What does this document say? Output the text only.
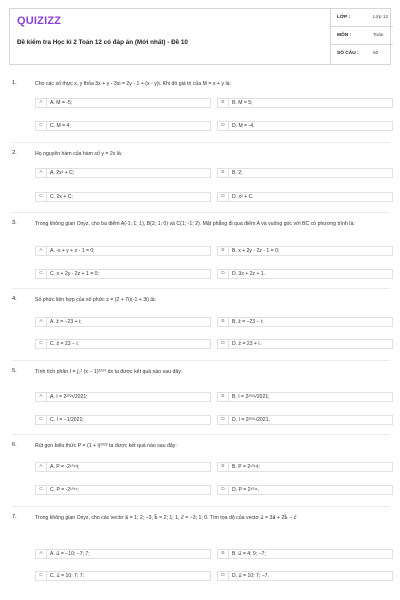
QUIZIZZ
Đề kiểm tra Học kì 2 Toán 12 có đáp án (Mới nhất) - Đề 10
LỚP :	Lớp 12
MÔN :	Toán
SỐ CÂU :	50
1.	Cho các số thực x, y thỏa 3x + y - 3xi = 2y - 1 + (x - y)i. Khi đó giá trị của M = x + y là:
A	A. M = -5;	B	B. M = 5;
C	C. M = 4;	D	D. M = -4.
2.	Họ nguyên hàm của hàm số y = 2x là:
A	A. 2x² + C;	B	B. 2;
C	C. 2x + C;	D	D. x² + C.
3.	Trong không gian Oxyz, cho ba điểm A(-1; 1; 1), B(2; 1; 0) và C(1; -1; 2). Mặt phẳng đi qua điểm A và vuông góc với BC có phương trình là:
A	A. -x + y + z - 1 = 0;	B	B. x + 2y - 2z - 1 = 0;
C	C. x + 2y - 2z + 1 = 0;	D	D. 3x + 2z + 1.
4.	Số phức liên hợp của số phức z = (2 + 7i)(-1 + 3i) là:
A	A. z̄ = −23 + i;	B	B. z̄ = −23 − i;
C	C. z̄ = 23 − i;	D	D. z̄ = 23 + i.
5.	Tính tích phân I = ∫₀¹ (x − 1)²⁰²⁰ dx ta được kết quả nào sau đây:
A	A. I = 2²⁰²¹/2021;	B	B. I = 2²⁰²¹/2021;
C	C. I = −1/2021;	D	D. I = 2²⁰²¹/2021.
6.	Rút gọn biểu thức P = (1 + i)²⁰²² ta được kết quả nào sau đây:
A	A. P = -2¹⁰¹¹i;	B	B. P = 2¹⁰¹¹i;
C	C. P = -2¹⁰¹¹;	D	D. P = 2¹⁰¹¹.
7.	Trong không gian Oxyz, cho các vectơ a⃗ = 1; 2; −3, b⃗ = 2; 1; 1, c⃗ = −3; 1; 0. Tìm tọa độ của vectơ u⃗ = 3a⃗ + 2b⃗ − c⃗
A	A. u⃗ = −10; −7; 7;	B	B. u⃗ = 4; 9; −7;
C	C. u⃗ = 10; 7; 7;	D	D. u⃗ = 10; 7; −7.
